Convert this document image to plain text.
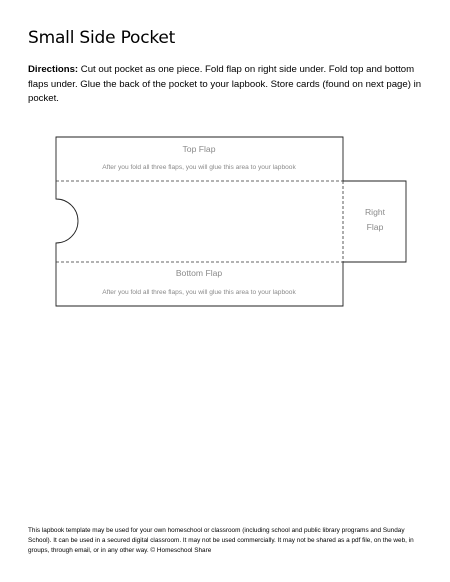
Small Side Pocket
Directions: Cut out pocket as one piece. Fold flap on right side under. Fold top and bottom flaps under. Glue the back of the pocket to your lapbook. Store cards (found on next page) in pocket.
Top Flap
After you fold all three flaps, you will glue this area to your lapbook
Bottom Flap
After you fold all three flaps, you will glue this area to your lapbook
Right
Flap
This lapbook template may be used for your own homeschool or classroom (including school and public library programs and Sunday School). It can be used in a secured digital classroom. It may not be used commercially. It may not be shared as a pdf file, on the web, in groups, through email, or in any other way. © Homeschool Share
